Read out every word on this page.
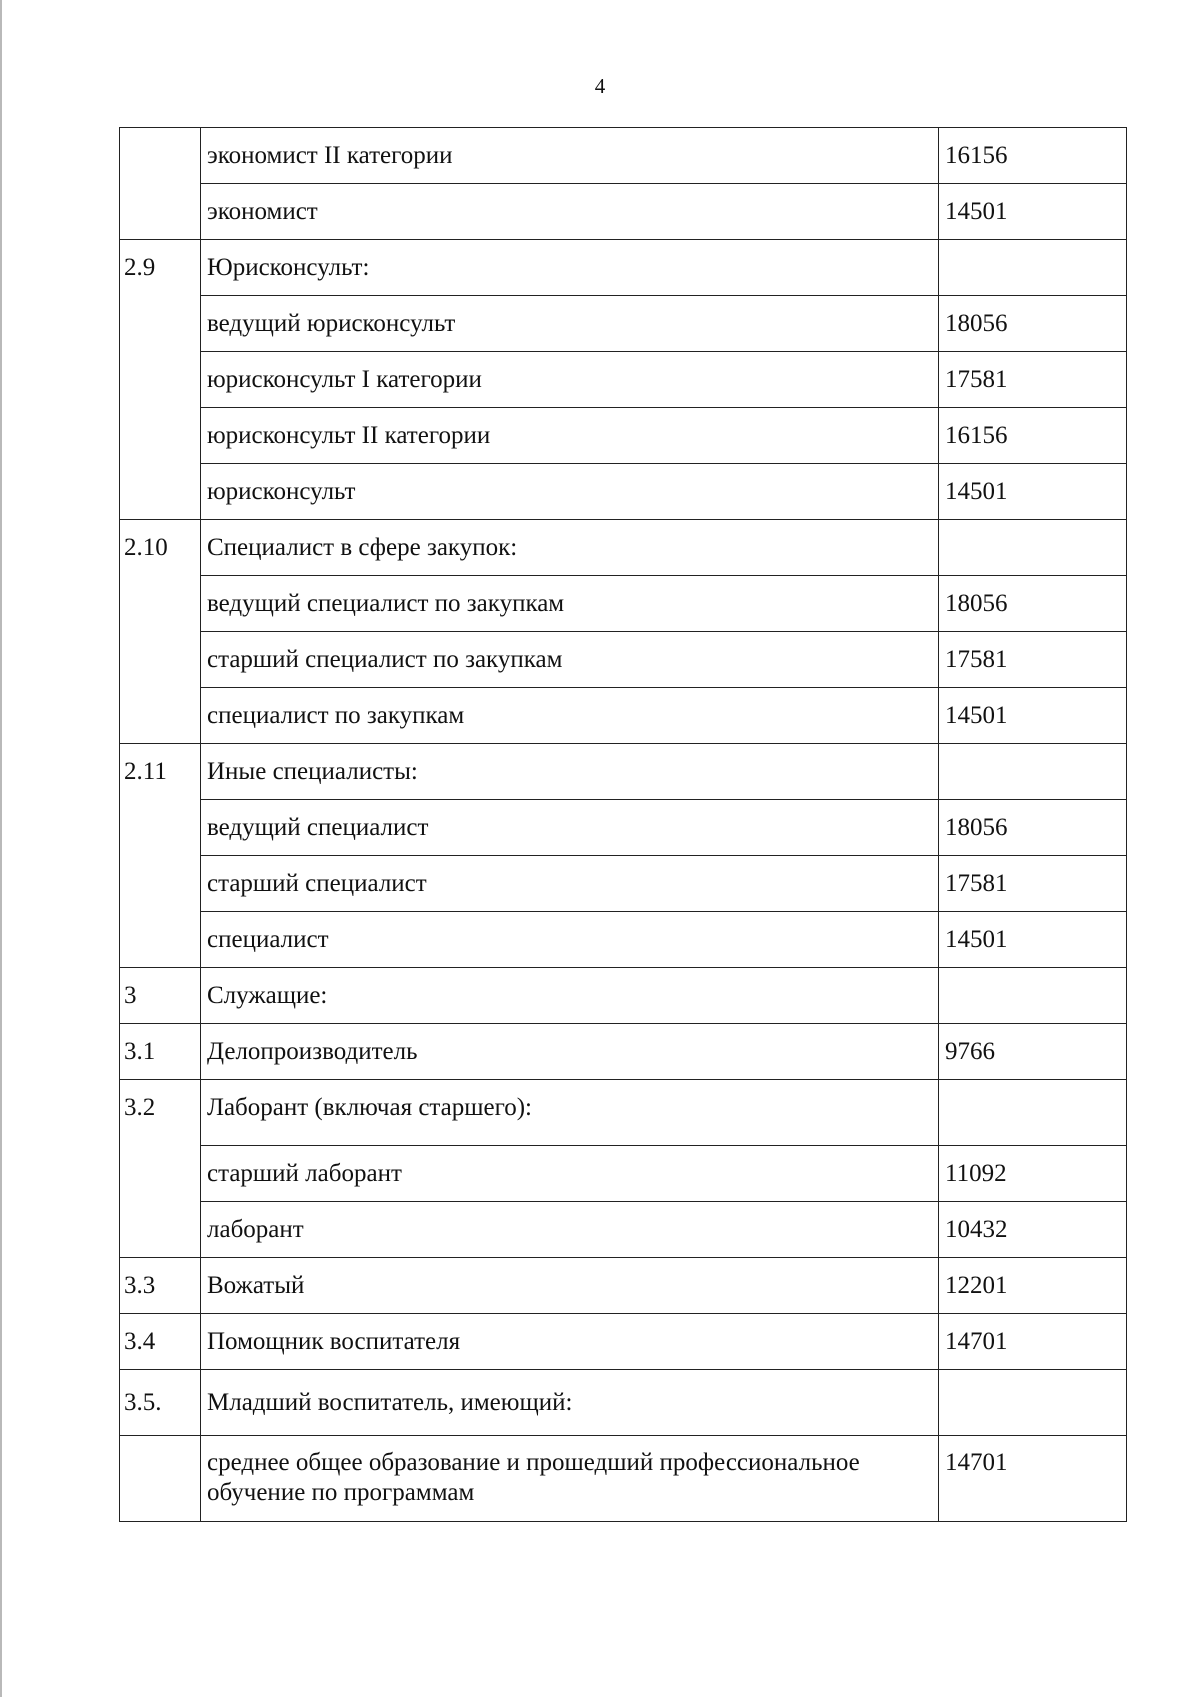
4
	экономист II категории	16156
	экономист	14501
2.9	Юрисконсульт:	
	ведущий юрисконсульт	18056
	юрисконсульт I категории	17581
	юрисконсульт II категории	16156
	юрисконсульт	14501
2.10	Специалист в сфере закупок:	
	ведущий специалист по закупкам	18056
	старший специалист по закупкам	17581
	специалист по закупкам	14501
2.11	Иные специалисты:	
	ведущий специалист	18056
	старший специалист	17581
	специалист	14501
3	Служащие:	
3.1	Делопроизводитель	9766
3.2	Лаборант (включая старшего):	
	старший лаборант	11092
	лаборант	10432
3.3	Вожатый	12201
3.4	Помощник воспитателя	14701
3.5.	Младший воспитатель, имеющий:	
	среднее общее образование и прошедший профессиональное обучение по программам	14701
